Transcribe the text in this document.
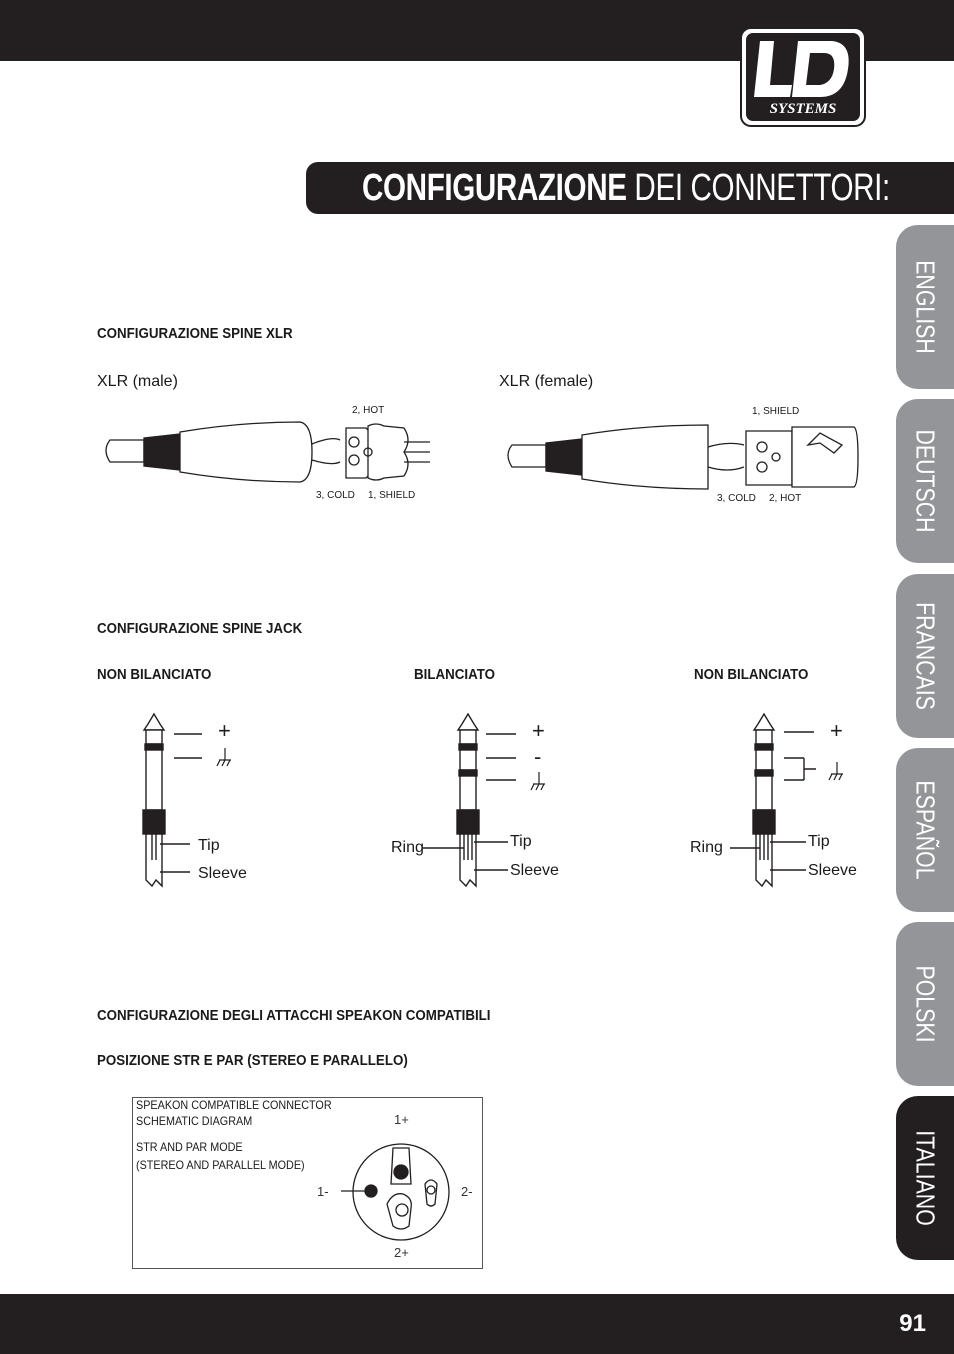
SYSTEMS
CONFIGURAZIONE DEI CONNETTORI:
ENGLISH
DEUTSCH
FRANCAIS
ESPAÑOL
POLSKI
ITALIANO
CONFIGURAZIONE SPINE XLR
XLR (male)	XLR (female)
2, HOT
3, COLD 1, SHIELD
1, SHIELD
3, COLD 2, HOT
CONFIGURAZIONE SPINE JACK
NON BILANCIATO	BILANCIATO	NON BILANCIATO
+
Tip
Sleeve
+
-
Ring	Tip
Sleeve
+
Ring	Tip
Sleeve
CONFIGURAZIONE DEGLI ATTACCHI SPEAKON COMPATIBILI
POSIZIONE STR E PAR (STEREO E PARALLELO)
SPEAKON COMPATIBLE CONNECTOR
SCHEMATIC DIAGRAM
STR AND PAR MODE
(STEREO AND PARALLEL MODE)
1+
1-	2-
2+
91
